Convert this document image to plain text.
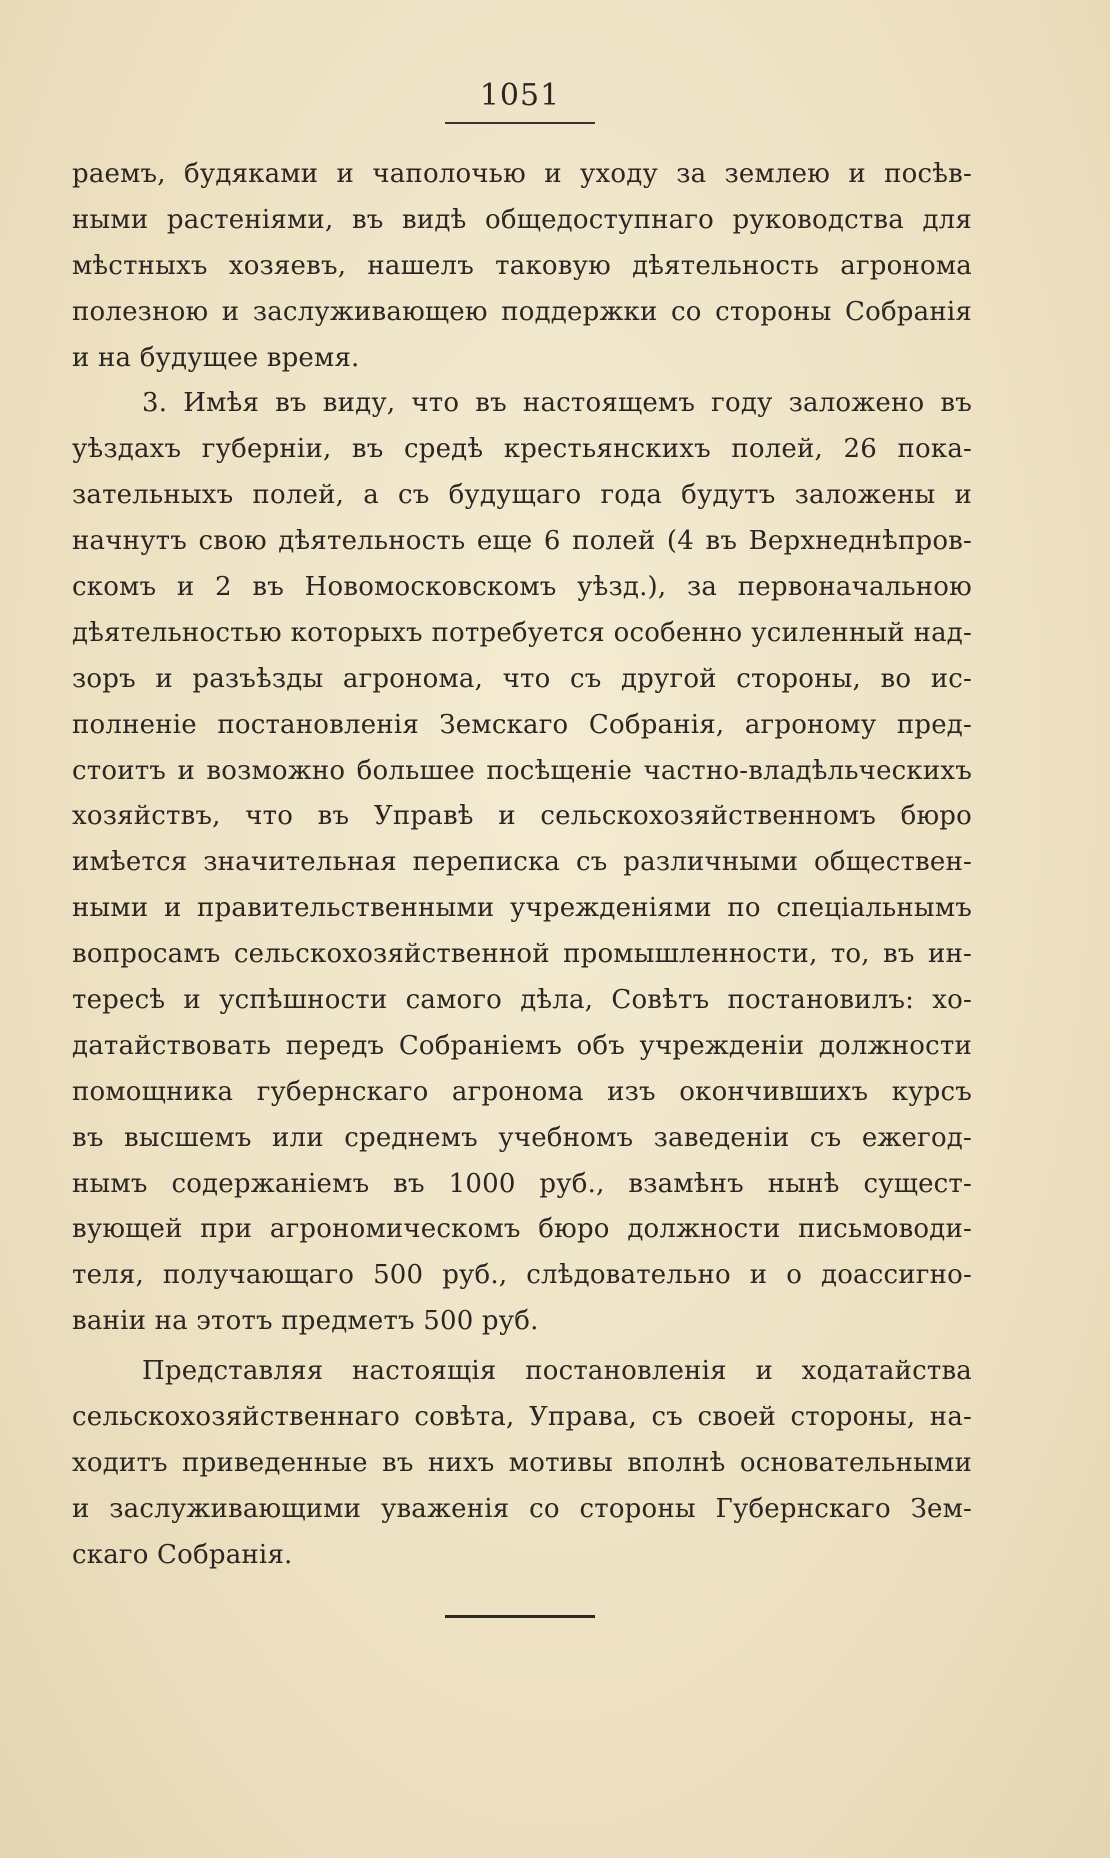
1051
раемъ, будяками и чаполочью и уходу за землею и посѣв-
ными растеніями, въ видѣ общедоступнаго руководства для
мѣстныхъ хозяевъ, нашелъ таковую дѣятельность агронома
полезною и заслуживающею поддержки со стороны Собранія
и на будущее время.
3. Имѣя въ виду, что въ настоящемъ году заложено въ
уѣздахъ губерніи, въ средѣ крестьянскихъ полей, 26 пока-
зательныхъ полей, а съ будущаго года будутъ заложены и
начнутъ свою дѣятельность еще 6 полей (4 въ Верхнеднѣпров-
скомъ и 2 въ Новомосковскомъ уѣзд.), за первоначальною
дѣятельностью которыхъ потребуется особенно усиленный над-
зоръ и разъѣзды агронома, что съ другой стороны, во ис-
полненіе постановленія Земскаго Собранія, агроному пред-
стоитъ и возможно большее посѣщеніе частно-владѣльческихъ
хозяйствъ, что въ Управѣ и сельскохозяйственномъ бюро
имѣется значительная переписка съ различными обществен-
ными и правительственными учрежденіями по спеціальнымъ
вопросамъ сельскохозяйственной промышленности, то, въ ин-
тересѣ и успѣшности самого дѣла, Совѣтъ постановилъ: хо-
датайствовать передъ Собраніемъ объ учрежденіи должности
помощника губернскаго агронома изъ окончившихъ курсъ
въ высшемъ или среднемъ учебномъ заведеніи съ ежегод-
нымъ содержаніемъ въ 1000 руб., взамѣнъ нынѣ сущест-
вующей при агрономическомъ бюро должности письмоводи-
теля, получающаго 500 руб., слѣдовательно и о доассигно-
ваніи на этотъ предметъ 500 руб.
Представляя настоящія постановленія и ходатайства
сельскохозяйственнаго совѣта, Управа, съ своей стороны, на-
ходитъ приведенные въ нихъ мотивы вполнѣ основательными
и заслуживающими уваженія со стороны Губернскаго Зем-
скаго Собранія.
